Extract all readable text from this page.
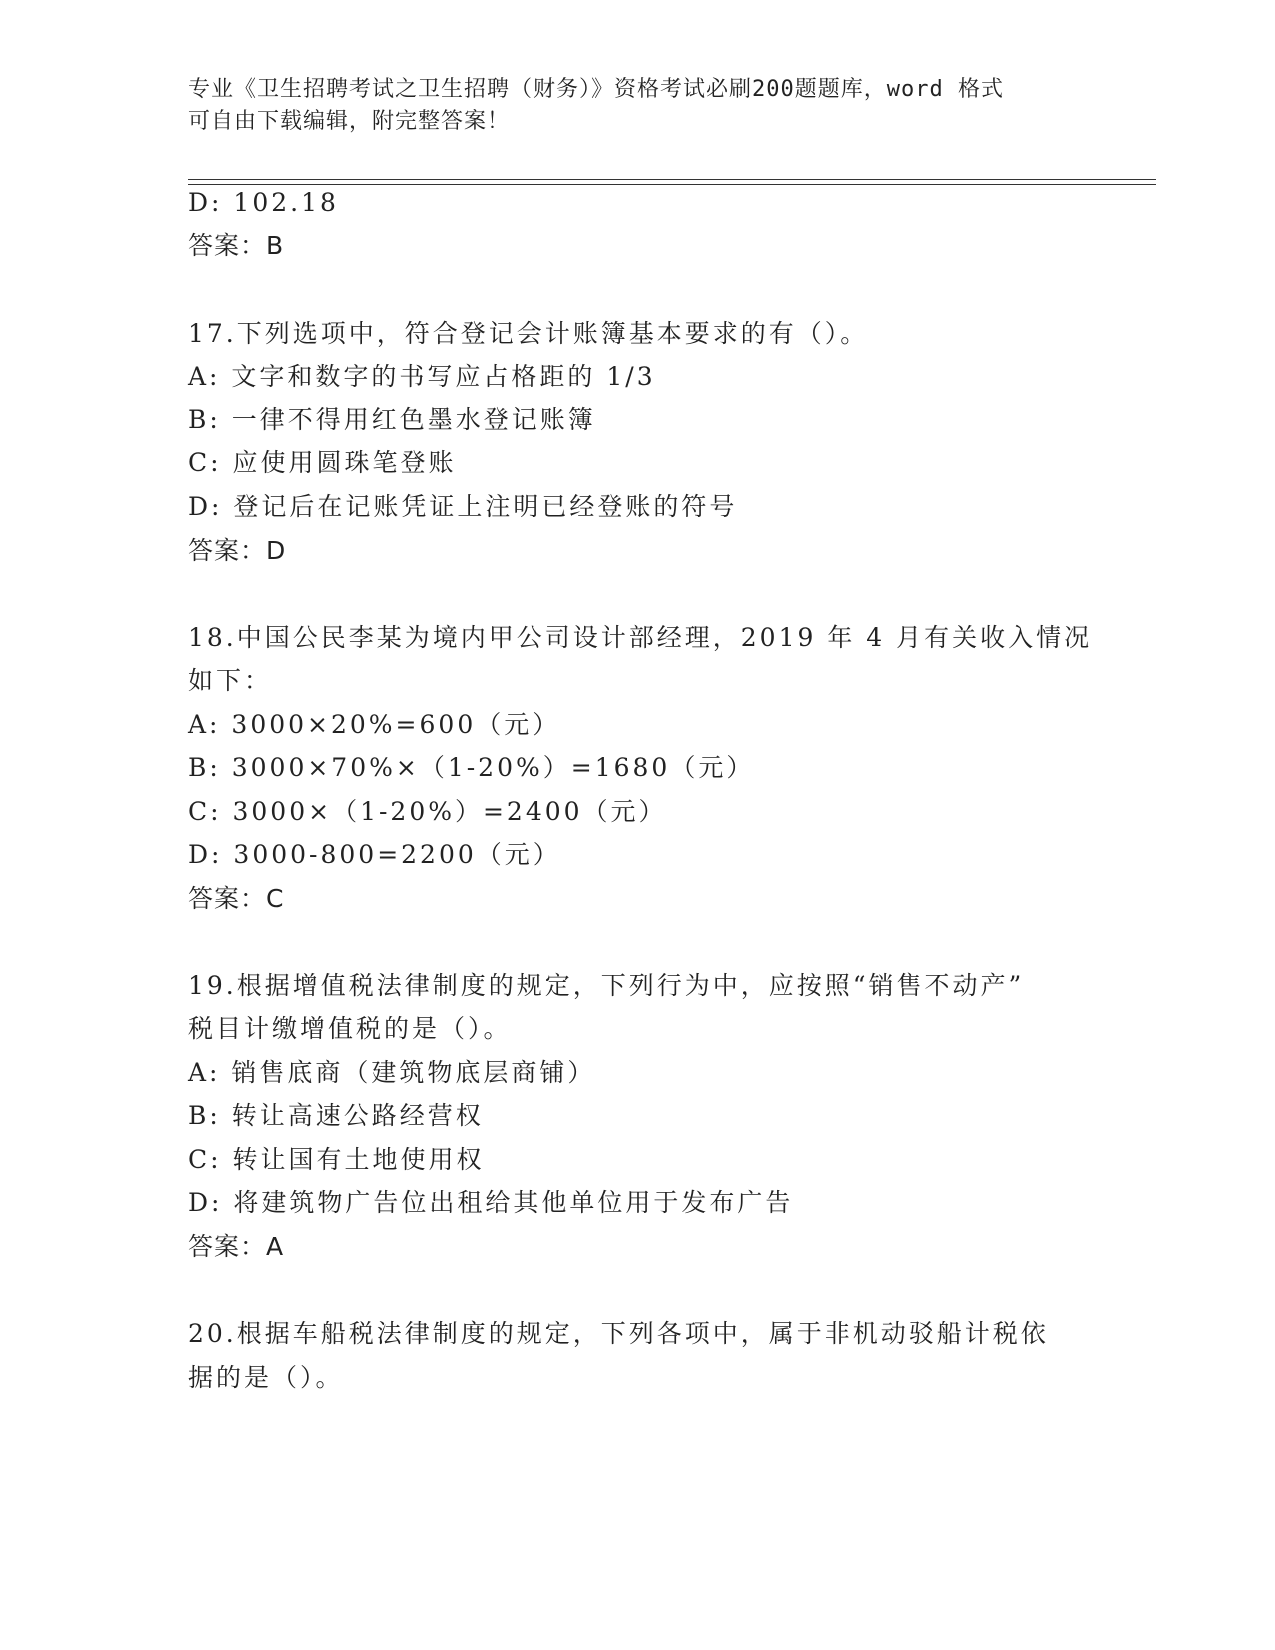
专业《卫生招聘考试之卫生招聘（财务）》资格考试必刷200题题库，word 格式
可自由下载编辑，附完整答案！
D: 102.18
答案：B
17.下列选项中，符合登记会计账簿基本要求的有（）。
A: 文字和数字的书写应占格距的 1/3
B: 一律不得用红色墨水登记账簿
C: 应使用圆珠笔登账
D: 登记后在记账凭证上注明已经登账的符号
答案：D
18.中国公民李某为境内甲公司设计部经理，2019 年 4 月有关收入情况
如下：
A: 3000×20%=600（元）
B: 3000×70%×（1-20%）=1680（元）
C: 3000×（1-20%）=2400（元）
D: 3000-800=2200（元）
答案：C
19.根据增值税法律制度的规定，下列行为中，应按照“销售不动产”
税目计缴增值税的是（）。
A: 销售底商（建筑物底层商铺）
B: 转让高速公路经营权
C: 转让国有土地使用权
D: 将建筑物广告位出租给其他单位用于发布广告
答案：A
20.根据车船税法律制度的规定，下列各项中，属于非机动驳船计税依
据的是（）。
